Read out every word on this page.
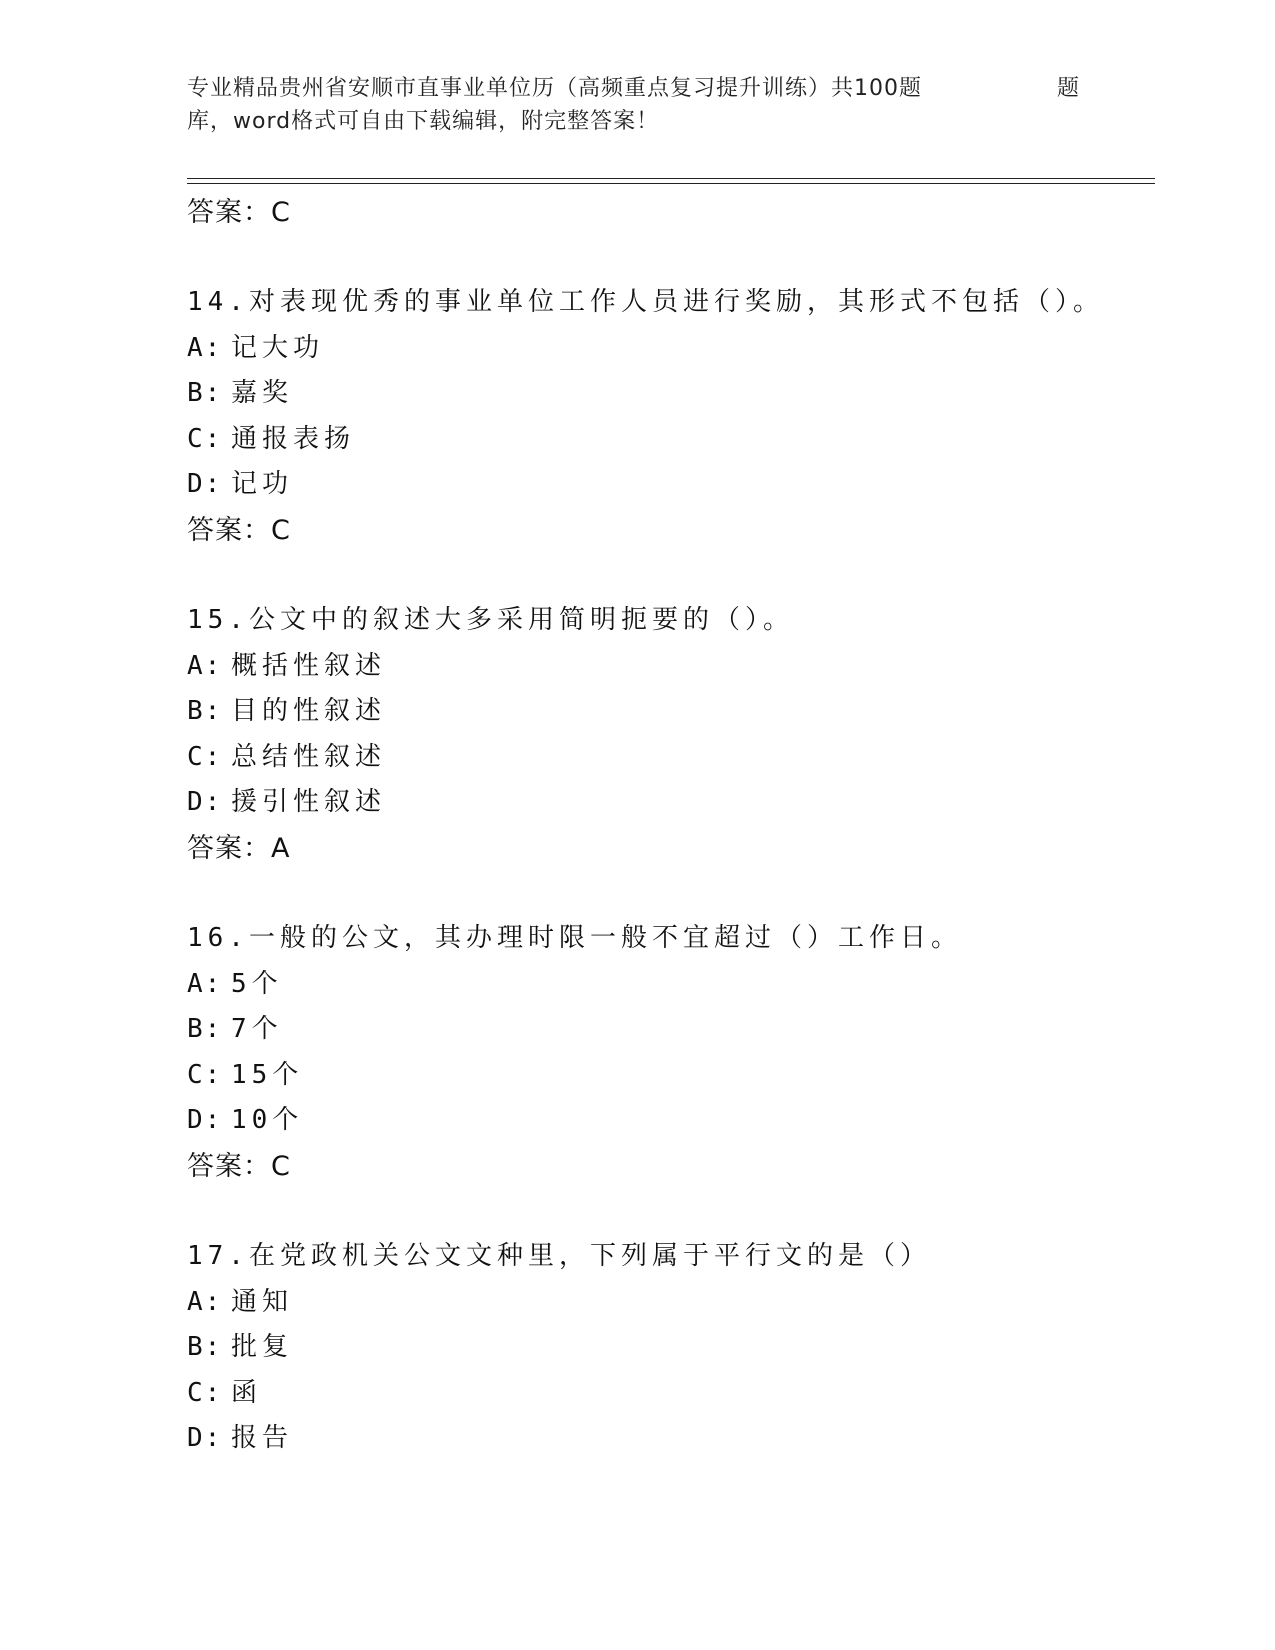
专业精品贵州省安顺市直事业单位历（高频重点复习提升训练）共100题	题
库，word格式可自由下载编辑，附完整答案！
答案：C
14.对表现优秀的事业单位工作人员进行奖励，其形式不包括（）。
A: 记大功
B: 嘉奖
C: 通报表扬
D: 记功
答案：C
15.公文中的叙述大多采用简明扼要的（）。
A: 概括性叙述
B: 目的性叙述
C: 总结性叙述
D: 援引性叙述
答案：A
16.一般的公文，其办理时限一般不宜超过（）工作日。
A: 5个
B: 7个
C: 15个
D: 10个
答案：C
17.在党政机关公文文种里，下列属于平行文的是（）
A: 通知
B: 批复
C: 函
D: 报告
